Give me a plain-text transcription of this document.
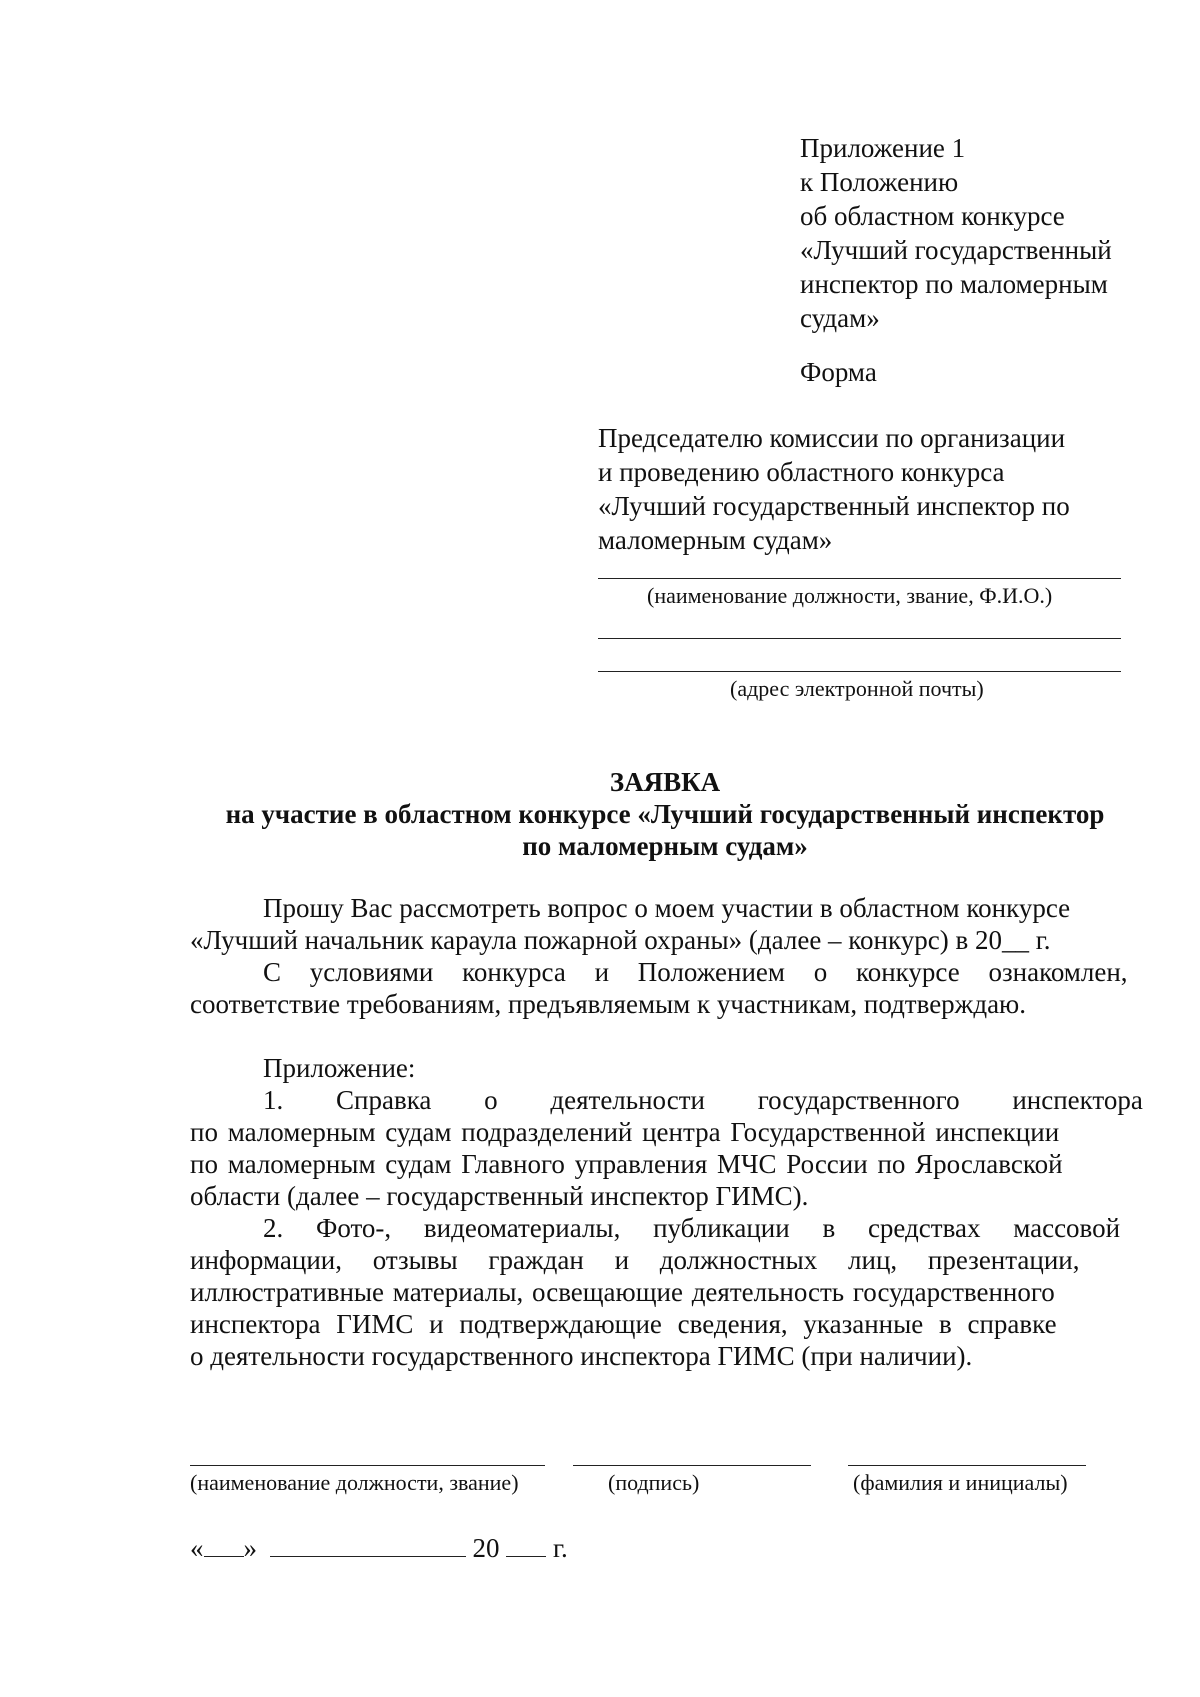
Приложение 1
к Положению
об областном конкурсе
«Лучший государственный
инспектор по маломерным
судам»
Форма
Председателю комиссии по организации
и проведению областного конкурса
«Лучший государственный инспектор по
маломерным судам»
(наименование должности, звание, Ф.И.О.)
(адрес электронной почты)
ЗАЯВКА
на участие в областном конкурсе «Лучший государственный инспектор
по маломерным судам»
Прошу Вас рассмотреть вопрос о моем участии в областном конкурсе
«Лучший начальник караула пожарной охраны» (далее – конкурс) в 20__ г.
С условиями конкурса и Положением о конкурсе ознакомлен,
соответствие требованиям, предъявляемым к участникам, подтверждаю.
Приложение:
1. Справка о деятельности государственного инспектора
по маломерным судам подразделений центра Государственной инспекции
по маломерным судам Главного управления МЧС России по Ярославской
области (далее – государственный инспектор ГИМС).
2. Фото-, видеоматериалы, публикации в средствах массовой
информации, отзывы граждан и должностных лиц, презентации,
иллюстративные материалы, освещающие деятельность государственного
инспектора ГИМС и подтверждающие сведения, указанные в справке
о деятельности государственного инспектора ГИМС (при наличии).
(наименование должности, звание)	(подпись)	(фамилия и инициалы)
« »	20 г.
